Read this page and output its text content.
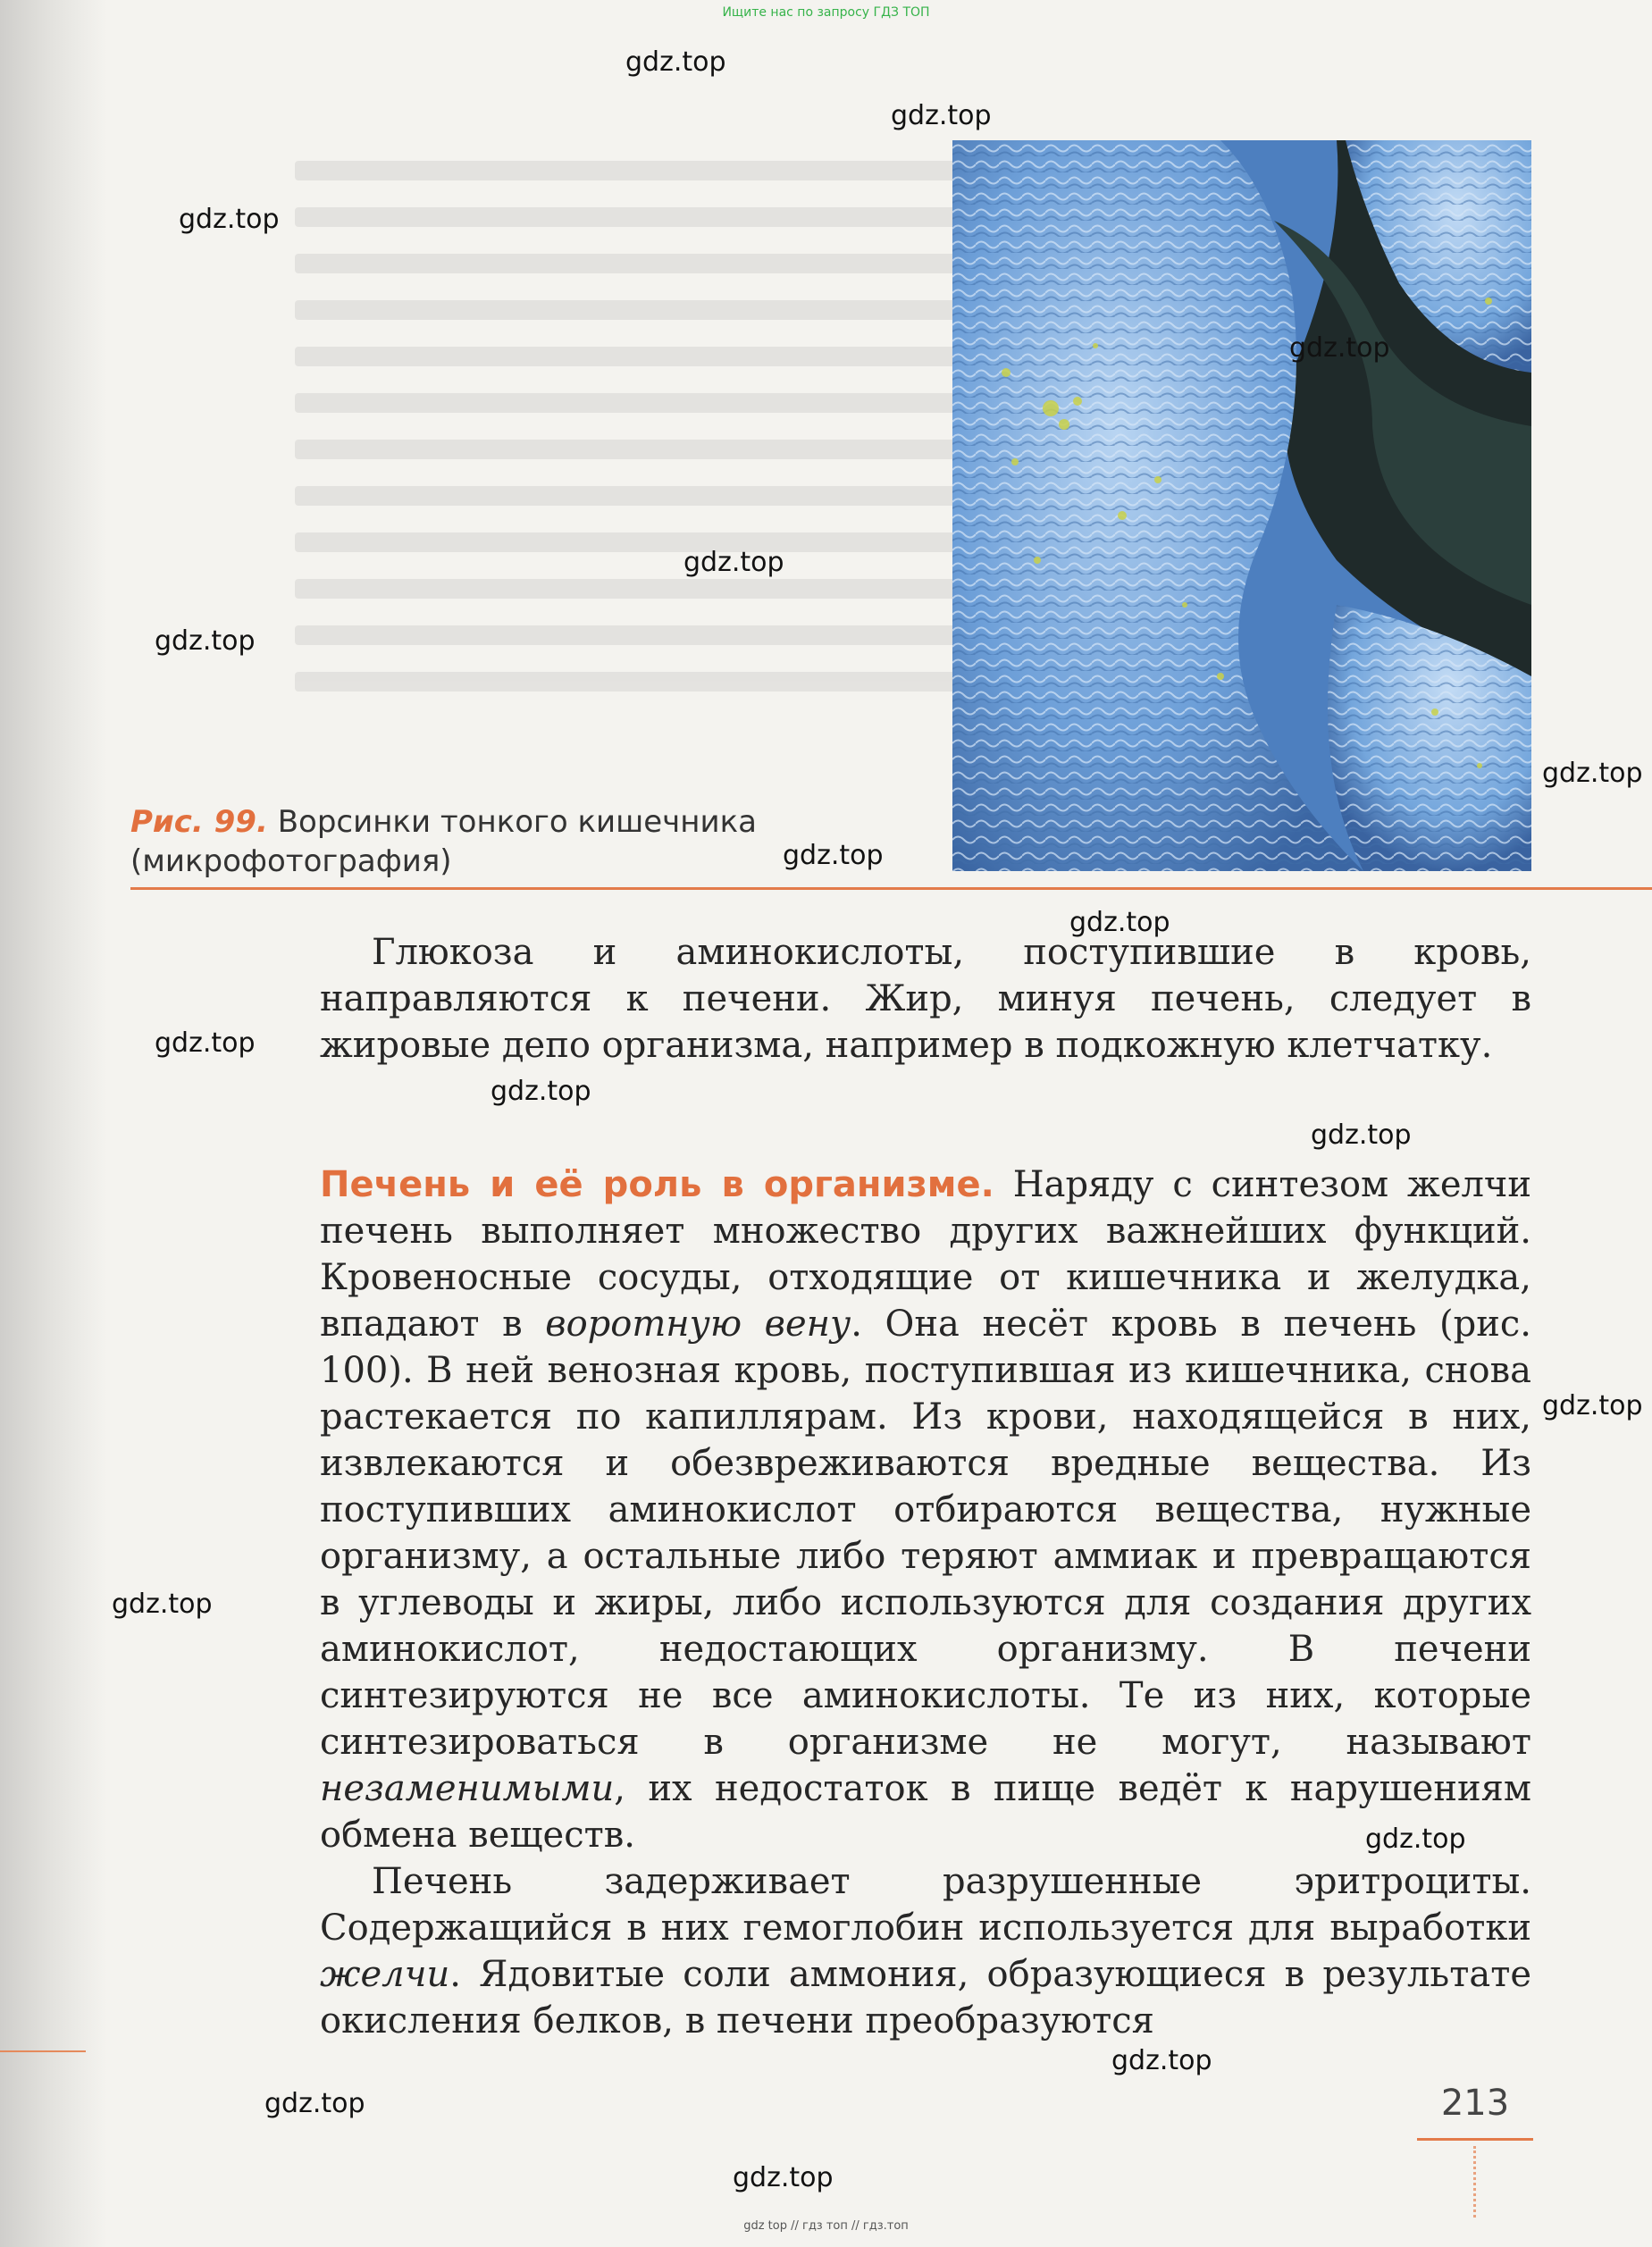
Ищите нас по запросу ГДЗ ТОП
Рис. 99. Ворсинки тонкого кишечника
(микрофотография)

Глюкоза и аминокислоты, поступившие в кровь, направляются к печени. Жир, минуя печень, следует в жировые депо организма, например в подкожную клетчатку.

Печень и её роль в организме. Наряду с синтезом желчи печень выполняет множество других важнейших функций. Кровеносные сосуды, отходящие от кишечника и желудка, впадают в воротную вену. Она несёт кровь в печень (рис. 100). В ней венозная кровь, поступившая из кишечника, снова растекается по капиллярам. Из крови, находящейся в них, извлекаются и обезвреживаются вредные вещества. Из поступивших аминокислот отбираются вещества, нужные организму, а остальные либо теряют аммиак и превращаются в углеводы и жиры, либо используются для создания других аминокислот, недостающих организму. В печени синтезируются не все аминокислоты. Те из них, которые синтезироваться в организме не могут, называют незаменимыми, их недостаток в пище ведёт к нарушениям обмена веществ.

Печень задерживает разрушенные эритроциты. Содержащийся в них гемоглобин используется для выработки желчи. Ядовитые соли аммония, образующиеся в результате окисления белков, в печени преобразуются

213
gdz.top
gdz.top
gdz.top
gdz.top
gdz.top
gdz.top
gdz.top
gdz.top
gdz.top
gdz.top
gdz.top
gdz.top
gdz.top
gdz.top
gdz.top
gdz.top
gdz.top
gdz.top
gdz top // гдз топ // гдз.топ
